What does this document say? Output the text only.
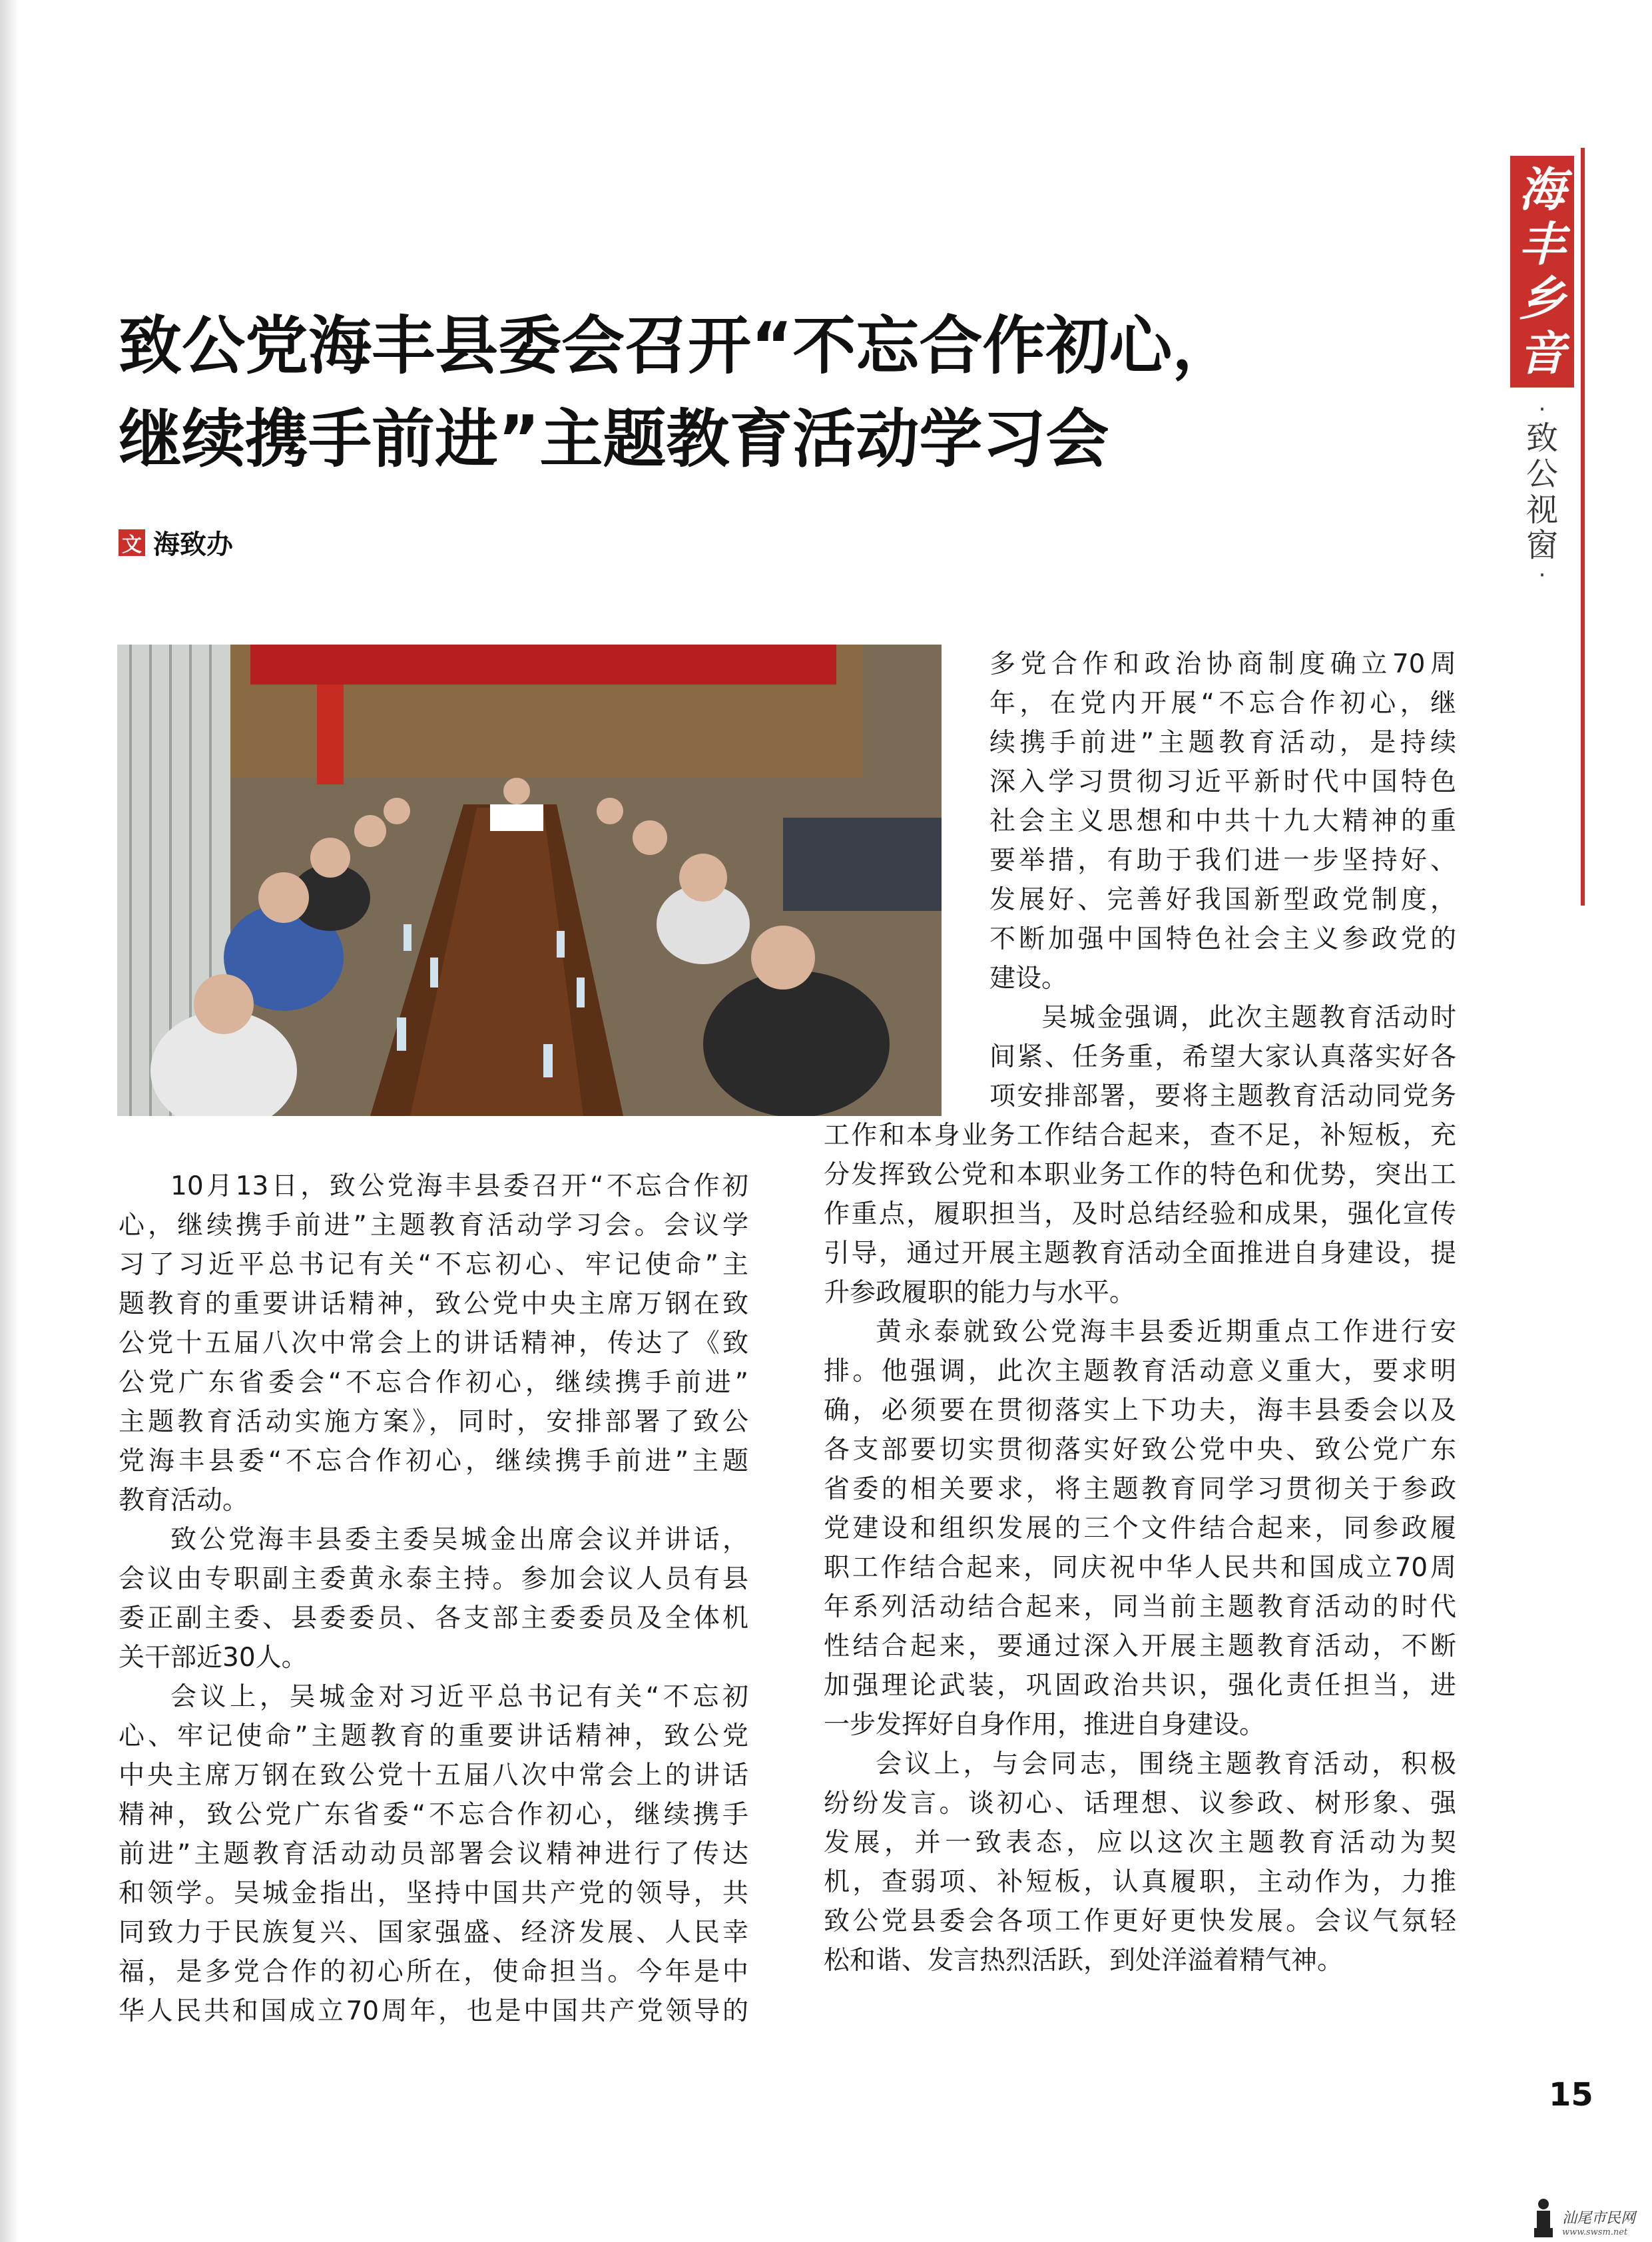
海
丰
乡
音
·
致
公
视
窗
·
致公党海丰县委会召开“不忘合作初心，
继续携手前进”主题教育活动学习会
文 海致办
10月13日，致公党海丰县委召开“不忘合作初
心，继续携手前进”主题教育活动学习会。会议学
习了习近平总书记有关“不忘初心、牢记使命”主
题教育的重要讲话精神，致公党中央主席万钢在致
公党十五届八次中常会上的讲话精神，传达了《致
公党广东省委会“不忘合作初心，继续携手前进”
主题教育活动实施方案》，同时，安排部署了致公
党海丰县委“不忘合作初心，继续携手前进”主题
教育活动。
致公党海丰县委主委吴城金出席会议并讲话，
会议由专职副主委黄永泰主持。参加会议人员有县
委正副主委、县委委员、各支部主委委员及全体机
关干部近30人。
会议上，吴城金对习近平总书记有关“不忘初
心、牢记使命”主题教育的重要讲话精神，致公党
中央主席万钢在致公党十五届八次中常会上的讲话
精神，致公党广东省委“不忘合作初心，继续携手
前进”主题教育活动动员部署会议精神进行了传达
和领学。吴城金指出，坚持中国共产党的领导，共
同致力于民族复兴、国家强盛、经济发展、人民幸
福，是多党合作的初心所在，使命担当。今年是中
华人民共和国成立70周年，也是中国共产党领导的
多党合作和政治协商制度确立70周
年，在党内开展“不忘合作初心，继
续携手前进”主题教育活动，是持续
深入学习贯彻习近平新时代中国特色
社会主义思想和中共十九大精神的重
要举措，有助于我们进一步坚持好、
发展好、完善好我国新型政党制度，
不断加强中国特色社会主义参政党的
建设。
吴城金强调，此次主题教育活动时
间紧、任务重，希望大家认真落实好各
项安排部署，要将主题教育活动同党务
工作和本身业务工作结合起来，查不足，补短板，充
分发挥致公党和本职业务工作的特色和优势，突出工
作重点，履职担当，及时总结经验和成果，强化宣传
引导，通过开展主题教育活动全面推进自身建设，提
升参政履职的能力与水平。
黄永泰就致公党海丰县委近期重点工作进行安
排。他强调，此次主题教育活动意义重大，要求明
确，必须要在贯彻落实上下功夫，海丰县委会以及
各支部要切实贯彻落实好致公党中央、致公党广东
省委的相关要求，将主题教育同学习贯彻关于参政
党建设和组织发展的三个文件结合起来，同参政履
职工作结合起来，同庆祝中华人民共和国成立70周
年系列活动结合起来，同当前主题教育活动的时代
性结合起来，要通过深入开展主题教育活动，不断
加强理论武装，巩固政治共识，强化责任担当，进
一步发挥好自身作用，推进自身建设。
会议上，与会同志，围绕主题教育活动，积极
纷纷发言。谈初心、话理想、议参政、树形象、强
发展，并一致表态，应以这次主题教育活动为契
机，查弱项、补短板，认真履职，主动作为，力推
致公党县委会各项工作更好更快发展。会议气氛轻
松和谐、发言热烈活跃，到处洋溢着精气神。
15
汕尾市民网
www.swsm.net
